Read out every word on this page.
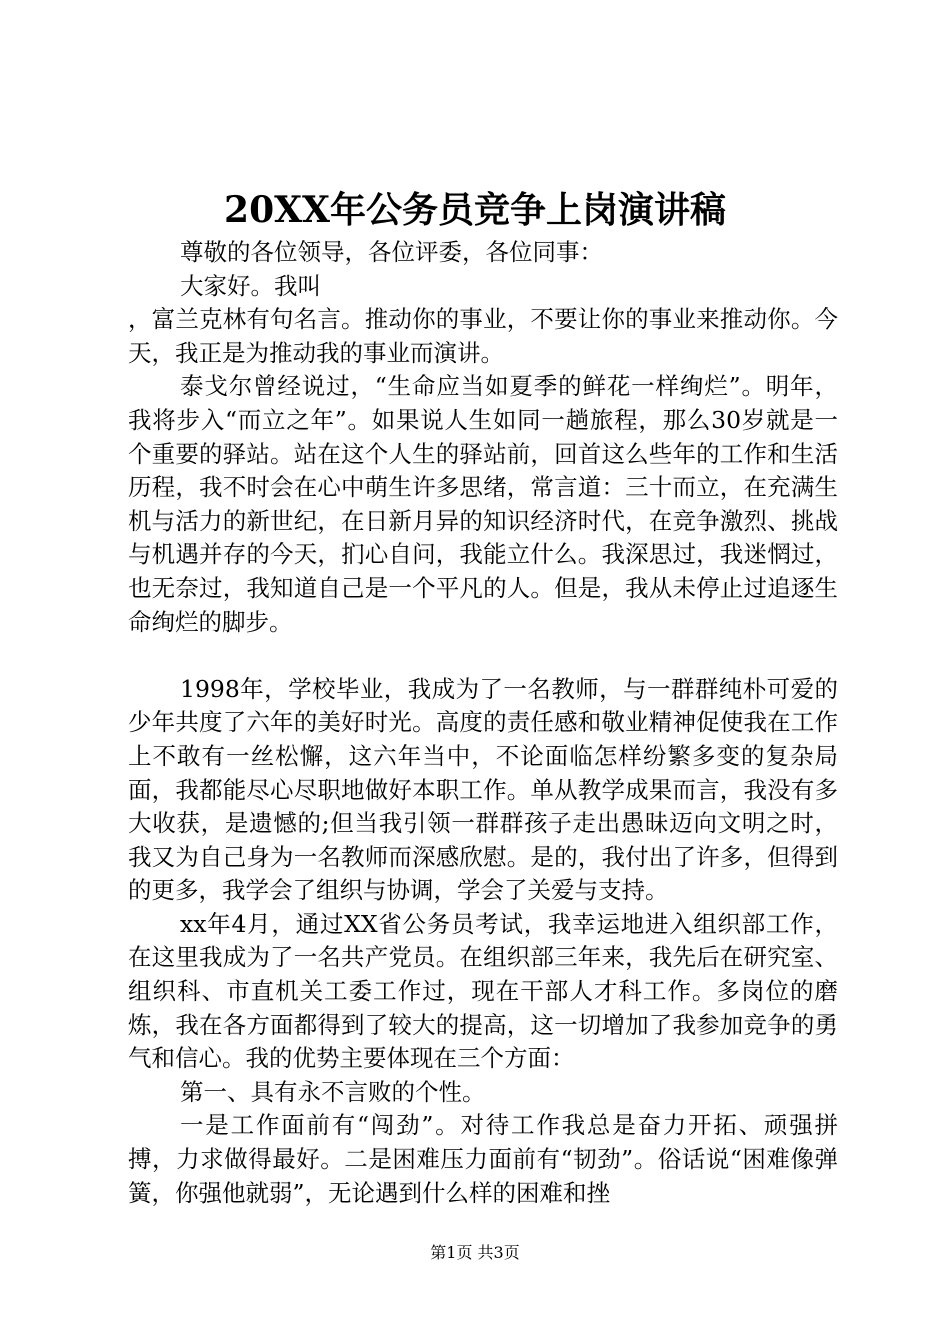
20XX年公务员竞争上岗演讲稿

尊敬的各位领导，各位评委，各位同事：

大家好。我叫

，富兰克林有句名言。推动你的事业，不要让你的事业来推动你。今天，我正是为推动我的事业而演讲。

泰戈尔曾经说过，“生命应当如夏季的鲜花一样绚烂”。明年，我将步入“而立之年”。如果说人生如同一趟旅程，那么30岁就是一个重要的驿站。站在这个人生的驿站前，回首这么些年的工作和生活历程，我不时会在心中萌生许多思绪，常言道：三十而立，在充满生机与活力的新世纪，在日新月异的知识经济时代，在竞争激烈、挑战与机遇并存的今天，扪心自问，我能立什么。我深思过，我迷惘过，也无奈过，我知道自己是一个平凡的人。但是，我从未停止过追逐生命绚烂的脚步。

1998年，学校毕业，我成为了一名教师，与一群群纯朴可爱的少年共度了六年的美好时光。高度的责任感和敬业精神促使我在工作上不敢有一丝松懈，这六年当中，不论面临怎样纷繁多变的复杂局面，我都能尽心尽职地做好本职工作。单从教学成果而言，我没有多大收获，是遗憾的;但当我引领一群群孩子走出愚昧迈向文明之时，我又为自己身为一名教师而深感欣慰。是的，我付出了许多，但得到的更多，我学会了组织与协调，学会了关爱与支持。

xx年4月，通过XX省公务员考试，我幸运地进入组织部工作，在这里我成为了一名共产党员。在组织部三年来，我先后在研究室、组织科、市直机关工委工作过，现在干部人才科工作。多岗位的磨炼，我在各方面都得到了较大的提高，这一切增加了我参加竞争的勇气和信心。我的优势主要体现在三个方面：

第一、具有永不言败的个性。

一是工作面前有“闯劲”。对待工作我总是奋力开拓、顽强拼搏，力求做得最好。二是困难压力面前有“韧劲”。俗话说“困难像弹簧，你强他就弱”，无论遇到什么样的困难和挫

第1页 共3页
